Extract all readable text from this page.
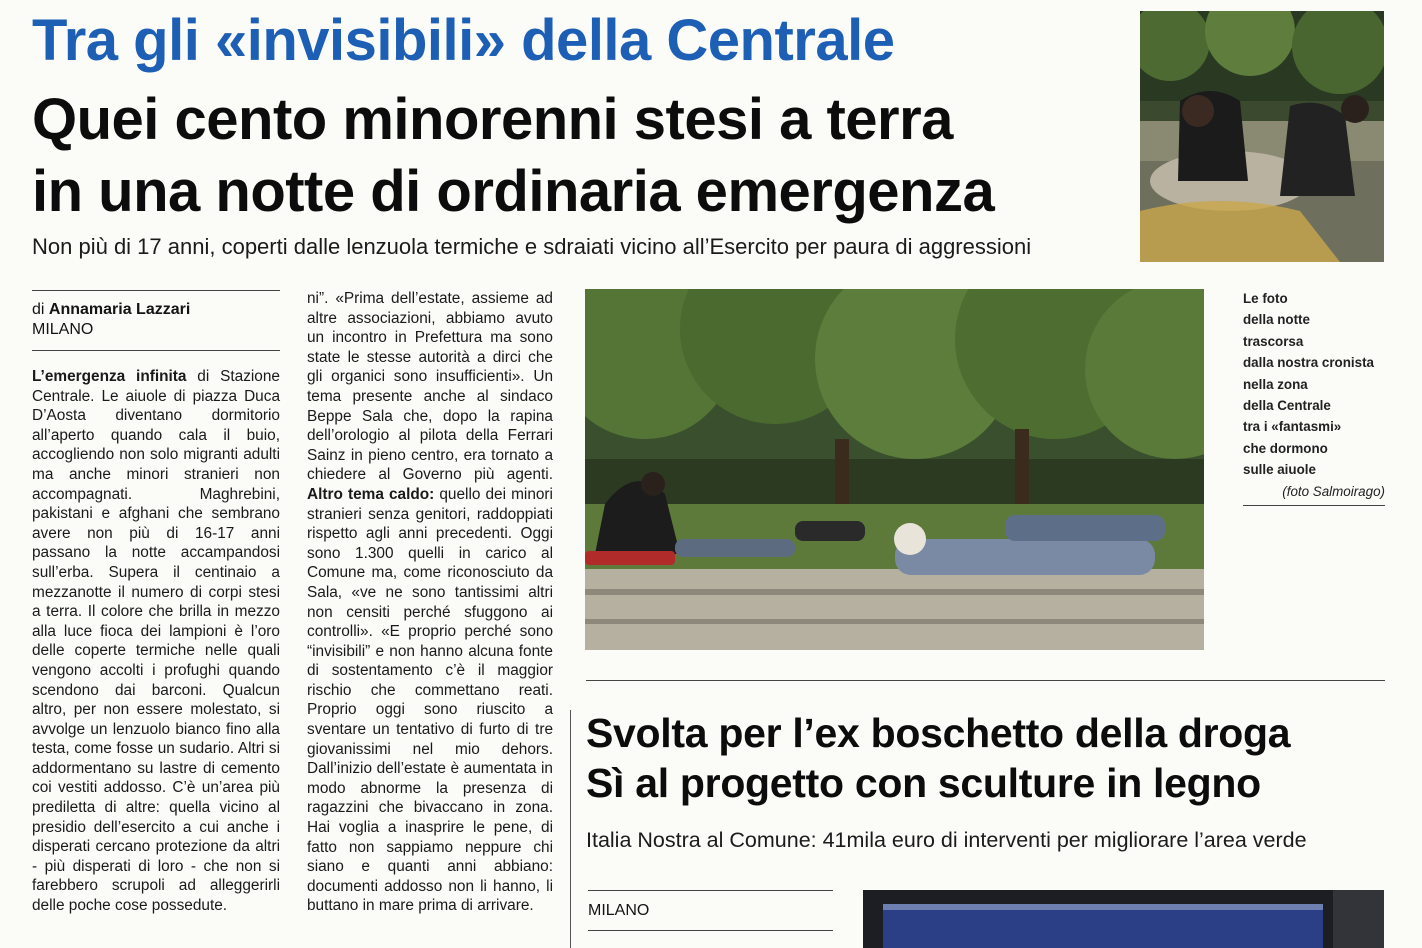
Tra gli «invisibili» della Centrale
Quei cento minorenni stesi a terra
in una notte di ordinaria emergenza
Non più di 17 anni, coperti dalle lenzuola termiche e sdraiati vicino all’Esercito per paura di aggressioni
di Annamaria Lazzari
MILANO

L’emergenza infinita di Stazione Centrale. Le aiuole di piazza Duca D’Aosta diventano dormitorio all’aperto quando cala il buio, accogliendo non solo migranti adulti ma anche minori stranieri non accompagnati. Maghrebini, pakistani e afghani che sembrano avere non più di 16-17 anni passano la notte accampandosi sull’erba. Supera il centinaio a mezzanotte il numero di corpi stesi a terra. Il colore che brilla in mezzo alla luce fioca dei lampioni è l’oro delle coperte termiche nelle quali vengono accolti i profughi quando scendono dai barconi. Qualcun altro, per non essere molestato, si avvolge un lenzuolo bianco fino alla testa, come fosse un sudario. Altri si addormentano su lastre di cemento coi vestiti addosso. C’è un’area più prediletta di altre: quella vicino al presidio dell’esercito a cui anche i disperati cercano protezione da altri - più disperati di loro - che non si farebbero scrupoli ad alleggerirli delle poche cose possedute.

ni”. «Prima dell’estate, assieme ad altre associazioni, abbiamo avuto un incontro in Prefettura ma sono state le stesse autorità a dirci che gli organici sono insufficienti». Un tema presente anche al sindaco Beppe Sala che, dopo la rapina dell’orologio al pilota della Ferrari Sainz in pieno centro, era tornato a chiedere al Governo più agenti. Altro tema caldo: quello dei minori stranieri senza genitori, raddoppiati rispetto agli anni precedenti. Oggi sono 1.300 quelli in carico al Comune ma, come riconosciuto da Sala, «ve ne sono tantissimi altri non censiti perché sfuggono ai controlli». «E proprio perché sono “invisibili” e non hanno alcuna fonte di sostentamento c’è il maggior rischio che commettano reati. Proprio oggi sono riuscito a sventare un tentativo di furto di tre giovanissimi nel mio dehors. Dall’inizio dell’estate è aumentata in modo abnorme la presenza di ragazzini che bivaccano in zona. Hai voglia a inasprire le pene, di fatto non sappiamo neppure chi siano e quanti anni abbiano: documenti addosso non li hanno, li buttano in mare prima di arrivare.

Le foto
della notte
trascorsa
dalla nostra cronista
nella zona
della Centrale
tra i «fantasmi»
che dormono
sulle aiuole
(foto Salmoirago)
Svolta per l’ex boschetto della droga
Sì al progetto con sculture in legno
Italia Nostra al Comune: 41mila euro di interventi per migliorare l’area verde
MILANO
